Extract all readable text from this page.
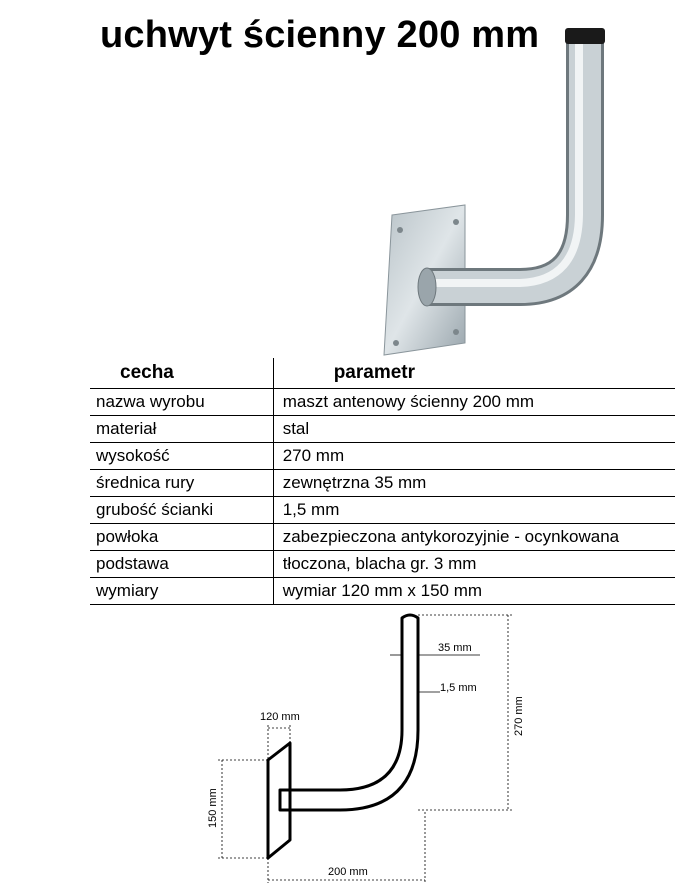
uchwyt ścienny 200 mm
cecha	parametr
nazwa wyrobu	maszt antenowy ścienny 200 mm
materiał	stal
wysokość	270 mm
średnica rury	zewnętrzna 35 mm
grubość ścianki	1,5 mm
powłoka	zabezpieczona antykorozyjnie - ocynkowana
podstawa	tłoczona, blacha gr. 3 mm
wymiary	wymiar 120 mm x 150 mm
35 mm
1,5 mm
270 mm
120 mm
150 mm
200 mm
